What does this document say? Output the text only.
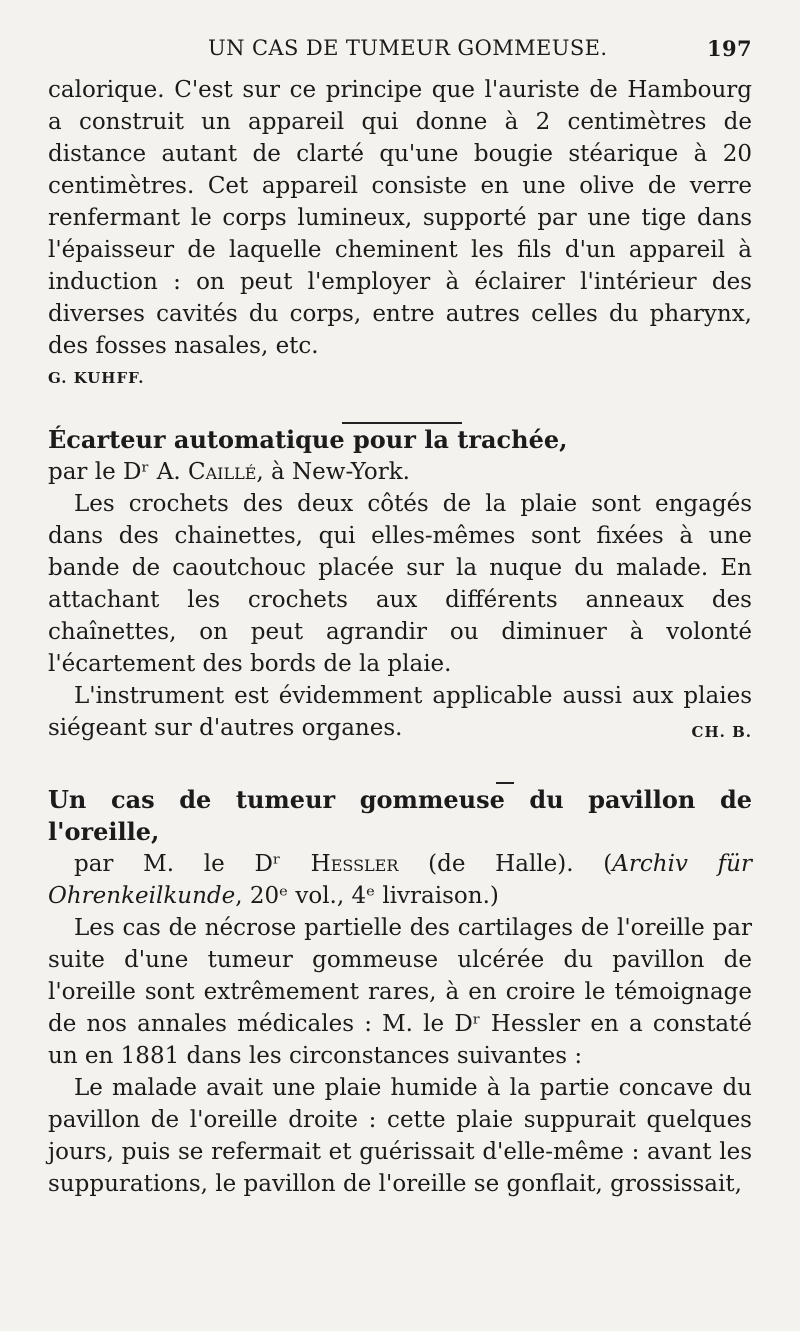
UN CAS DE TUMEUR GOMMEUSE.	197

calorique. C'est sur ce principe que l'auriste de Hambourg a construit un appareil qui donne à 2 centimètres de distance autant de clarté qu'une bougie stéarique à 20 centimètres. Cet appareil consiste en une olive de verre renfermant le corps lumineux, supporté par une tige dans l'épaisseur de laquelle cheminent les fils d'un appareil à induction : on peut l'employer à éclairer l'intérieur des diverses cavités du corps, entre autres celles du pharynx, des fosses nasales, etc.

G. KUHFF.

Écarteur automatique pour la trachée,

par le Dʳ A. Caillé, à New-York.

Les crochets des deux côtés de la plaie sont engagés dans des chainettes, qui elles-mêmes sont fixées à une bande de caoutchouc placée sur la nuque du malade. En attachant les crochets aux différents anneaux des chaînettes, on peut agrandir ou diminuer à volonté l'écartement des bords de la plaie.

L'instrument est évidemment applicable aussi aux plaies siégeant sur d'autres organes.	CH. B.

Un cas de tumeur gommeuse du pavillon de l'oreille,

par M. le Dʳ Hessler (de Halle). (Archiv für Ohrenkeilkunde, 20ᵉ vol., 4ᵉ livraison.)

Les cas de nécrose partielle des cartilages de l'oreille par suite d'une tumeur gommeuse ulcérée du pavillon de l'oreille sont extrêmement rares, à en croire le témoignage de nos annales médicales : M. le Dʳ Hessler en a constaté un en 1881 dans les circonstances suivantes :

Le malade avait une plaie humide à la partie concave du pavillon de l'oreille droite : cette plaie suppurait quelques jours, puis se refermait et guérissait d'elle-même : avant les suppurations, le pavillon de l'oreille se gonflait, grossissait,
